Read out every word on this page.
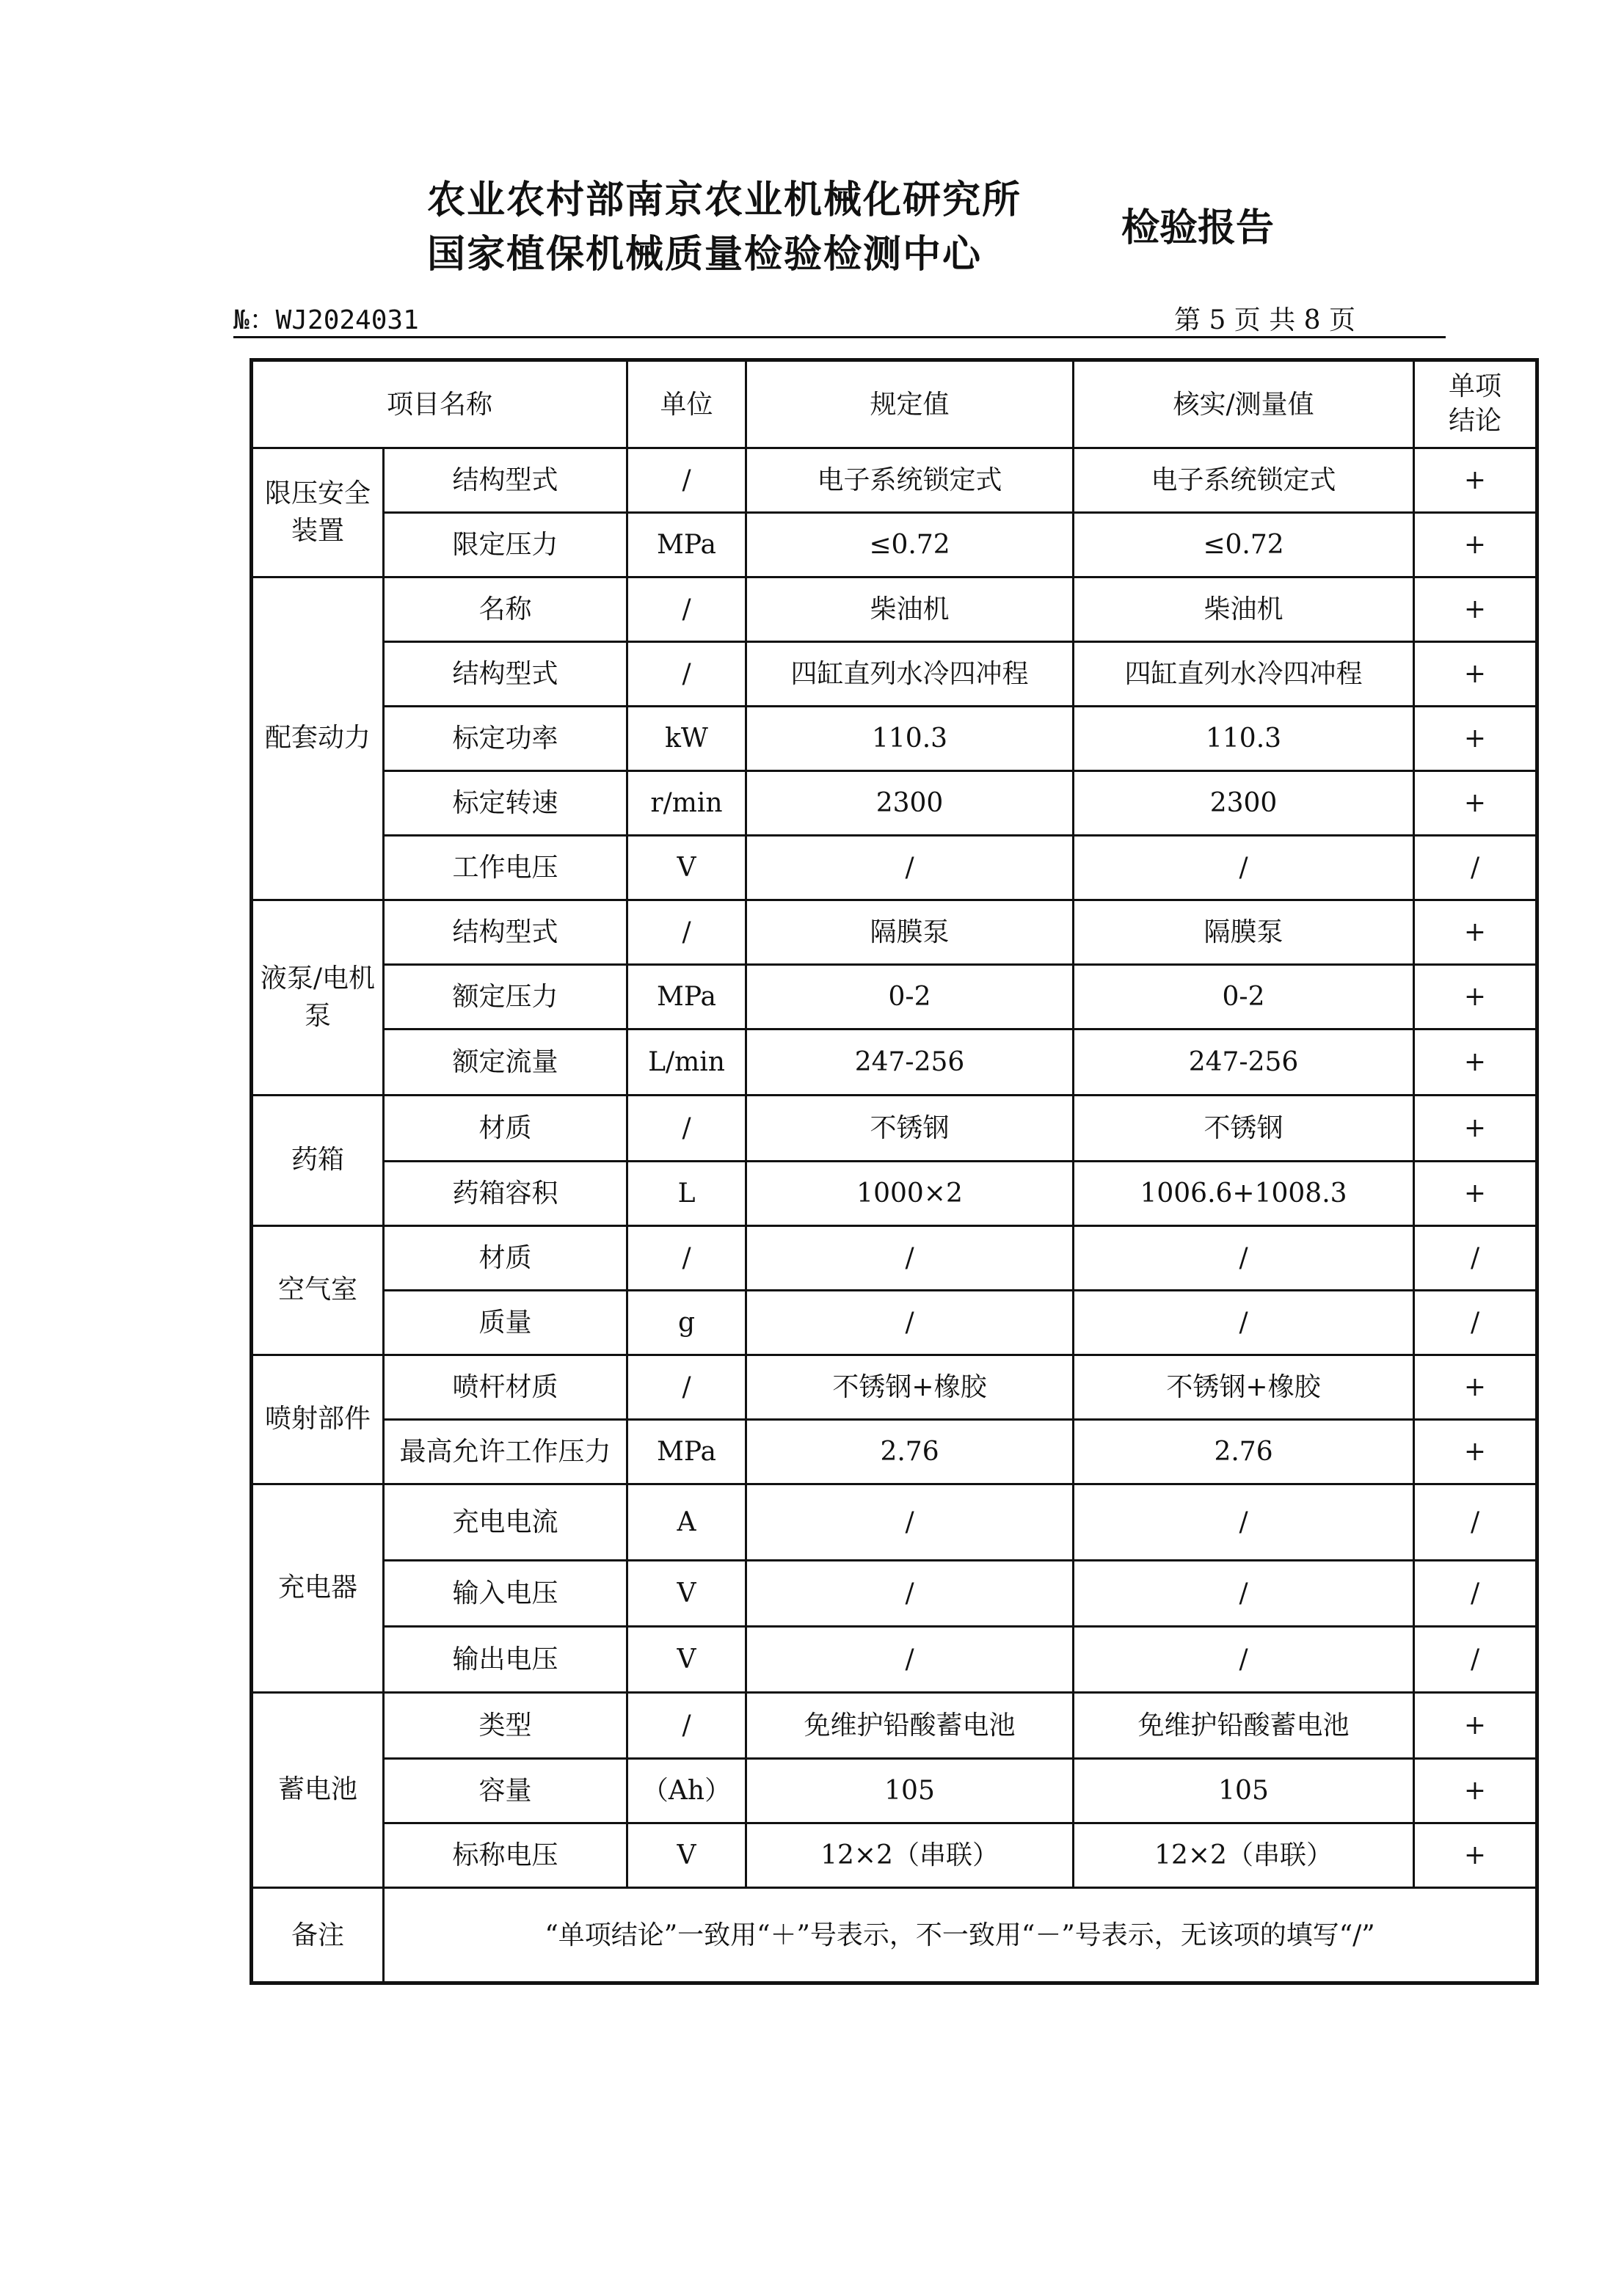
农业农村部南京农业机械化研究所
国家植保机械质量检验检测中心
检验报告
№：WJ2024031	第 5 页 共 8 页
项目名称		单位	规定值	核实/测量值	单项结论
限压安全装置	结构型式	/	电子系统锁定式	电子系统锁定式	+
	限定压力	MPa	≤0.72	≤0.72	+
配套动力	名称	/	柴油机	柴油机	+
	结构型式	/	四缸直列水冷四冲程	四缸直列水冷四冲程	+
	标定功率	kW	110.3	110.3	+
	标定转速	r/min	2300	2300	+
	工作电压	V	/	/	/
液泵/电机泵	结构型式	/	隔膜泵	隔膜泵	+
	额定压力	MPa	0-2	0-2	+
	额定流量	L/min	247-256	247-256	+
药箱	材质	/	不锈钢	不锈钢	+
	药箱容积	L	1000×2	1006.6+1008.3	+
空气室	材质	/	/	/	/
	质量	g	/	/	/
喷射部件	喷杆材质	/	不锈钢+橡胶	不锈钢+橡胶	+
	最高允许工作压力	MPa	2.76	2.76	+
充电器	充电电流	A	/	/	/
	输入电压	V	/	/	/
	输出电压	V	/	/	/
蓄电池	类型	/	免维护铅酸蓄电池	免维护铅酸蓄电池	+
	容量	（Ah）	105	105	+
	标称电压	V	12×2（串联）	12×2（串联）	+
备注	“单项结论”一致用“＋”号表示，不一致用“－”号表示，无该项的填写“/”				
